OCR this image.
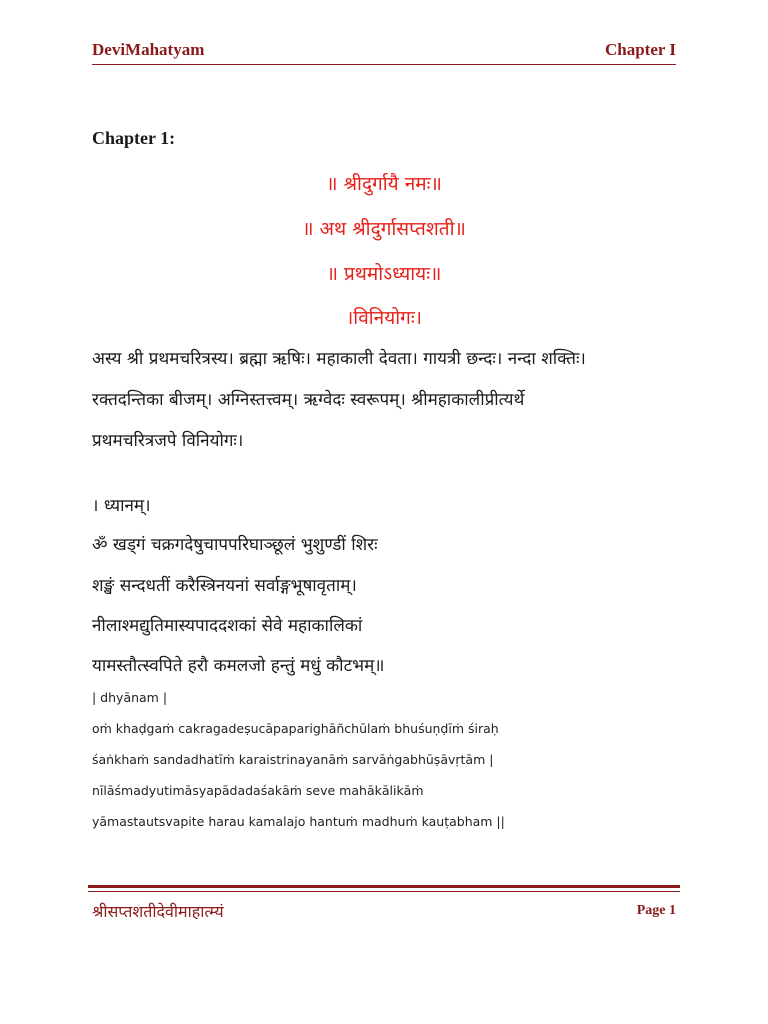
DeviMahatyam	Chapter I
Chapter 1:
॥ श्रीदुर्गायै नमः॥
॥ अथ श्रीदुर्गासप्तशती॥
॥ प्रथमोऽध्यायः॥
।विनियोगः।
अस्य श्री प्रथमचरित्रस्य। ब्रह्मा ऋषिः। महाकाली देवता। गायत्री छन्दः। नन्दा शक्तिः।
रक्तदन्तिका बीजम्। अग्निस्तत्त्वम्। ऋग्वेदः स्वरूपम्। श्रीमहाकालीप्रीत्यर्थे
प्रथमचरित्रजपे विनियोगः।
। ध्यानम्।
ॐ खड्गं चक्रगदेषुचापपरिघाञ्छूलं भुशुण्डीं शिरः
शङ्खं सन्दधतीं करैस्त्रिनयनां सर्वाङ्गभूषावृताम्।
नीलाश्मद्युतिमास्यपाददशकां सेवे महाकालिकां
यामस्तौत्स्वपिते हरौ कमलजो हन्तुं मधुं कौटभम्॥
| dhyānam |
oṁ khaḍgaṁ cakragadeṣucāpaparighāñchūlaṁ bhuśuṇḍīṁ śiraḥ
śaṅkhaṁ sandadhatīṁ karaistrinayanāṁ sarvāṅgabhūṣāvṛtām |
nīlāśmadyutimāsyapādadaśakāṁ seve mahākālikāṁ
yāmastautsvapite harau kamalajo hantuṁ madhuṁ kauṭabham ||
श्रीसप्तशतीदेवीमाहात्म्यं	Page 1
